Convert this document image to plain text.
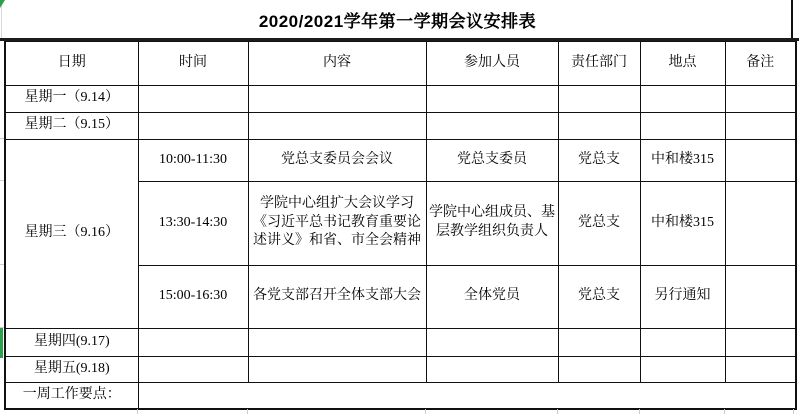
2020/2021学年第一学期会议安排表
日期	时间	内容	参加人员	责任部门	地点	备注
星期一（9.14）						
星期二（9.15）						
星期三（9.16）	10:00-11:30	党总支委员会会议	党总支委员	党总支	中和楼315	
	13:30-14:30	学院中心组扩大会议学习《习近平总书记教育重要论述讲义》和省、市全会精神	学院中心组成员、基层教学组织负责人	党总支	中和楼315	
	15:00-16:30	各党支部召开全体支部大会	全体党员	党总支	另行通知	
星期四(9.17)						
星期五(9.18)						
一周工作要点：						
